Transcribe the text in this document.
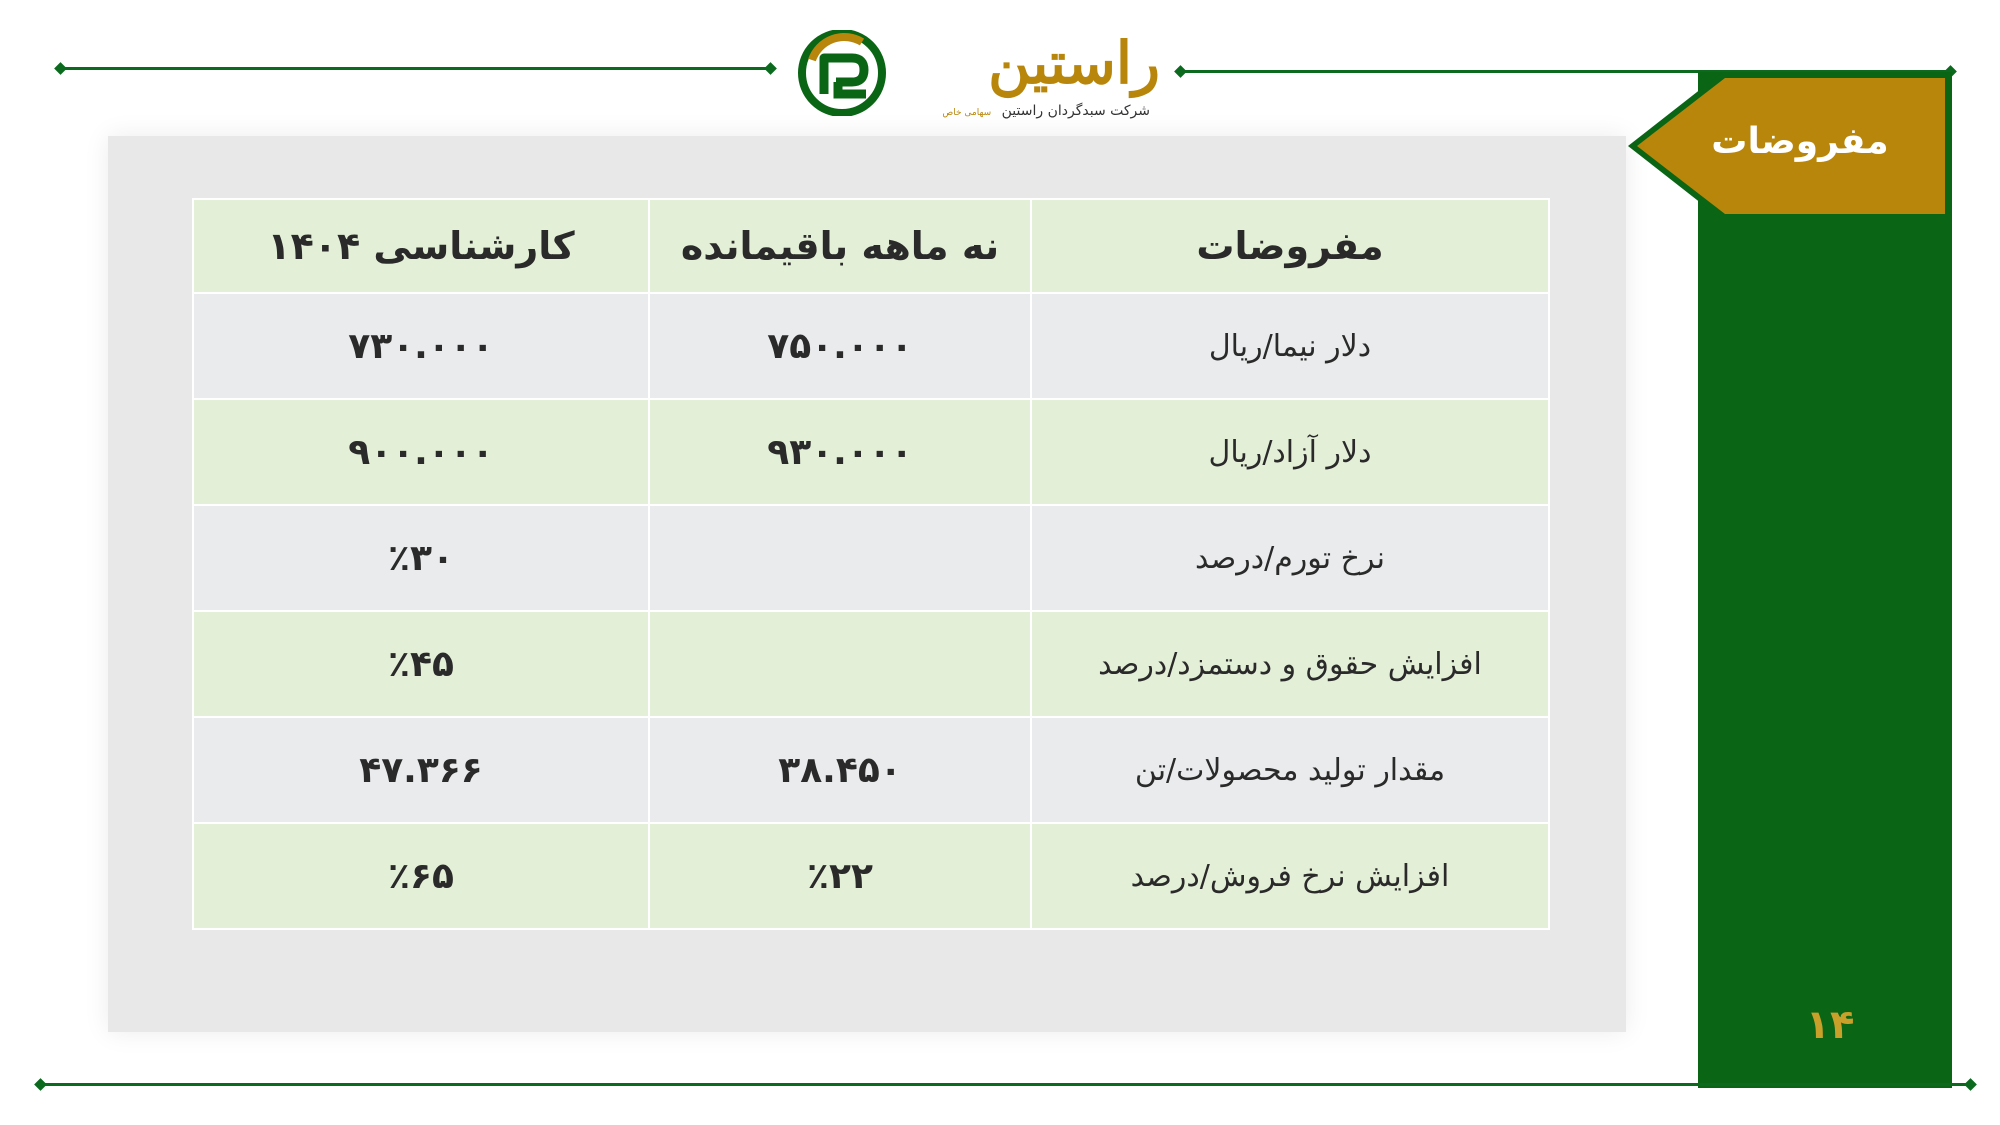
راستین
شرکت سبدگردان راستین سهامی خاص
مفروضات
۱۴
مفروضات	نه ماهه باقیمانده	کارشناسی ۱۴۰۴
دلار نیما/ریال	۷۵۰.۰۰۰	۷۳۰.۰۰۰
دلار آزاد/ریال	۹۳۰.۰۰۰	۹۰۰.۰۰۰
نرخ تورم/درصد		٪۳۰
افزایش حقوق و دستمزد/درصد		٪۴۵
مقدار تولید محصولات/تن	۳۸.۴۵۰	۴۷.۳۶۶
افزایش نرخ فروش/درصد	٪۲۲	٪۶۵
